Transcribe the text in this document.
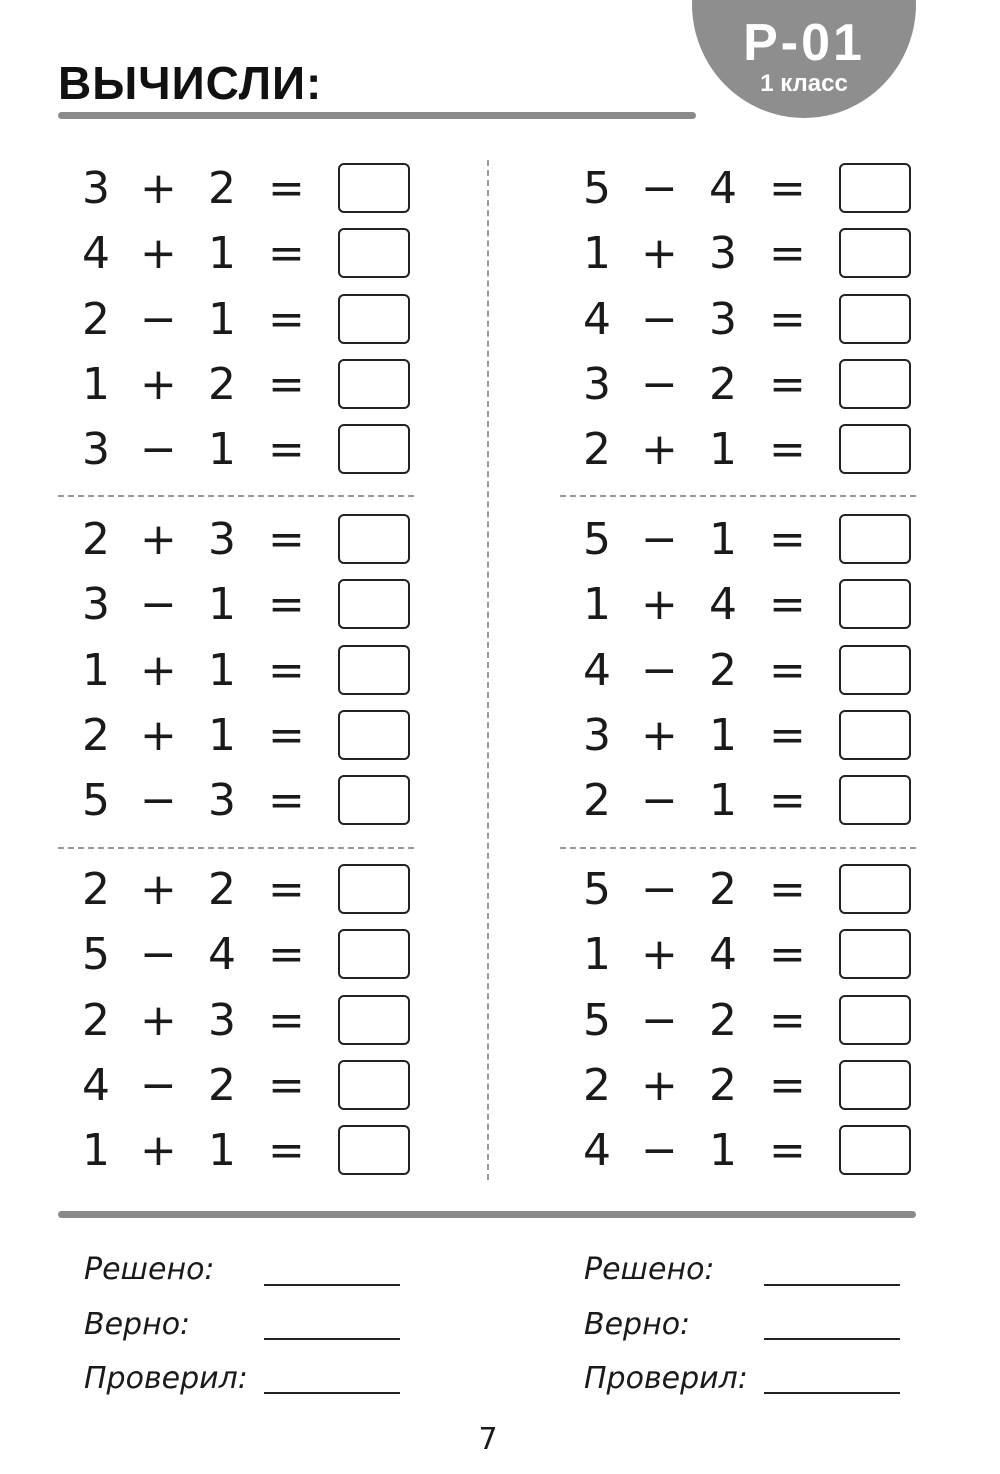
ВЫЧИСЛИ:
Р-01
1 класс
3 + 2 =
4 + 1 =
2 − 1 =
1 + 2 =
3 − 1 =
2 + 3 =
3 − 1 =
1 + 1 =
2 + 1 =
5 − 3 =
2 + 2 =
5 − 4 =
2 + 3 =
4 − 2 =
1 + 1 =
5 − 4 =
1 + 3 =
4 − 3 =
3 − 2 =
2 + 1 =
5 − 1 =
1 + 4 =
4 − 2 =
3 + 1 =
2 − 1 =
5 − 2 =
1 + 4 =
5 − 2 =
2 + 2 =
4 − 1 =
Решено:
Верно:
Проверил:
Решено:
Верно:
Проверил:
7
